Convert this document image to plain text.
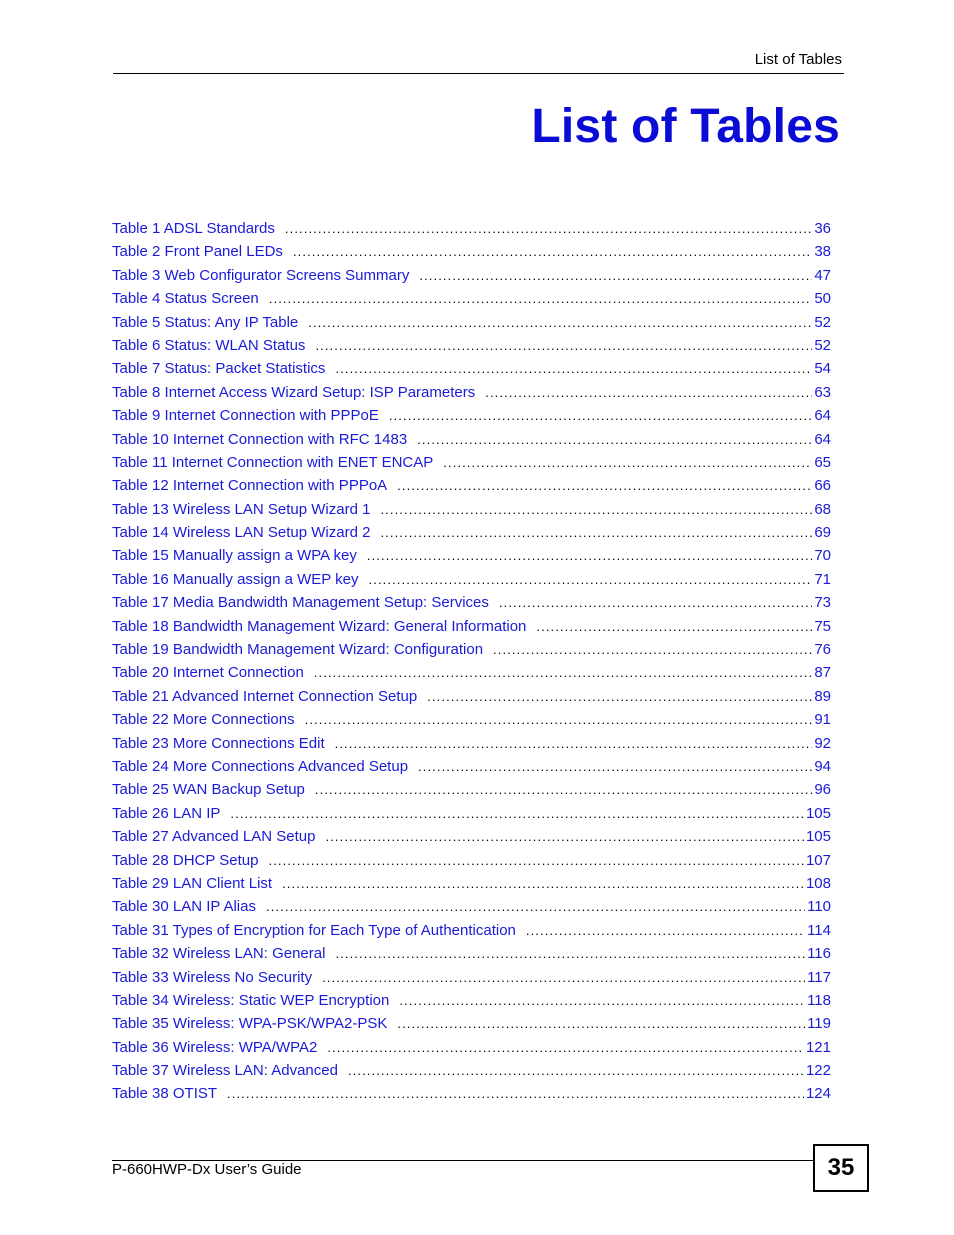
List of Tables
List of Tables
Table 1 ADSL Standards .....	36
Table 2 Front Panel LEDs .....	38
Table 3 Web Configurator Screens Summary .....	47
Table 4 Status Screen .....	50
Table 5 Status: Any IP Table .....	52
Table 6 Status: WLAN Status .....	52
Table 7 Status: Packet Statistics .....	54
Table 8 Internet Access Wizard Setup: ISP Parameters .....	63
Table 9 Internet Connection with PPPoE .....	64
Table 10 Internet Connection with RFC 1483 .....	64
Table 11 Internet Connection with ENET ENCAP .....	65
Table 12 Internet Connection with PPPoA .....	66
Table 13 Wireless LAN Setup Wizard 1 .....	68
Table 14 Wireless LAN Setup Wizard 2 .....	69
Table 15 Manually assign a WPA key .....	70
Table 16 Manually assign a WEP key .....	71
Table 17 Media Bandwidth Management Setup: Services .....	73
Table 18 Bandwidth Management Wizard: General Information .....	75
Table 19 Bandwidth Management Wizard: Configuration .....	76
Table 20 Internet Connection .....	87
Table 21 Advanced Internet Connection Setup .....	89
Table 22 More Connections .....	91
Table 23 More Connections Edit .....	92
Table 24 More Connections Advanced Setup .....	94
Table 25 WAN Backup Setup .....	96
Table 26 LAN IP .....	105
Table 27 Advanced LAN Setup .....	105
Table 28 DHCP Setup .....	107
Table 29 LAN Client List .....	108
Table 30 LAN IP Alias .....	110
Table 31 Types of Encryption for Each Type of Authentication .....	114
Table 32 Wireless LAN: General .....	116
Table 33 Wireless No Security .....	117
Table 34 Wireless: Static WEP Encryption .....	118
Table 35 Wireless: WPA-PSK/WPA2-PSK .....	119
Table 36 Wireless: WPA/WPA2 .....	121
Table 37 Wireless LAN: Advanced .....	122
Table 38 OTIST .....	124
P-660HWP-Dx User’s Guide	35
